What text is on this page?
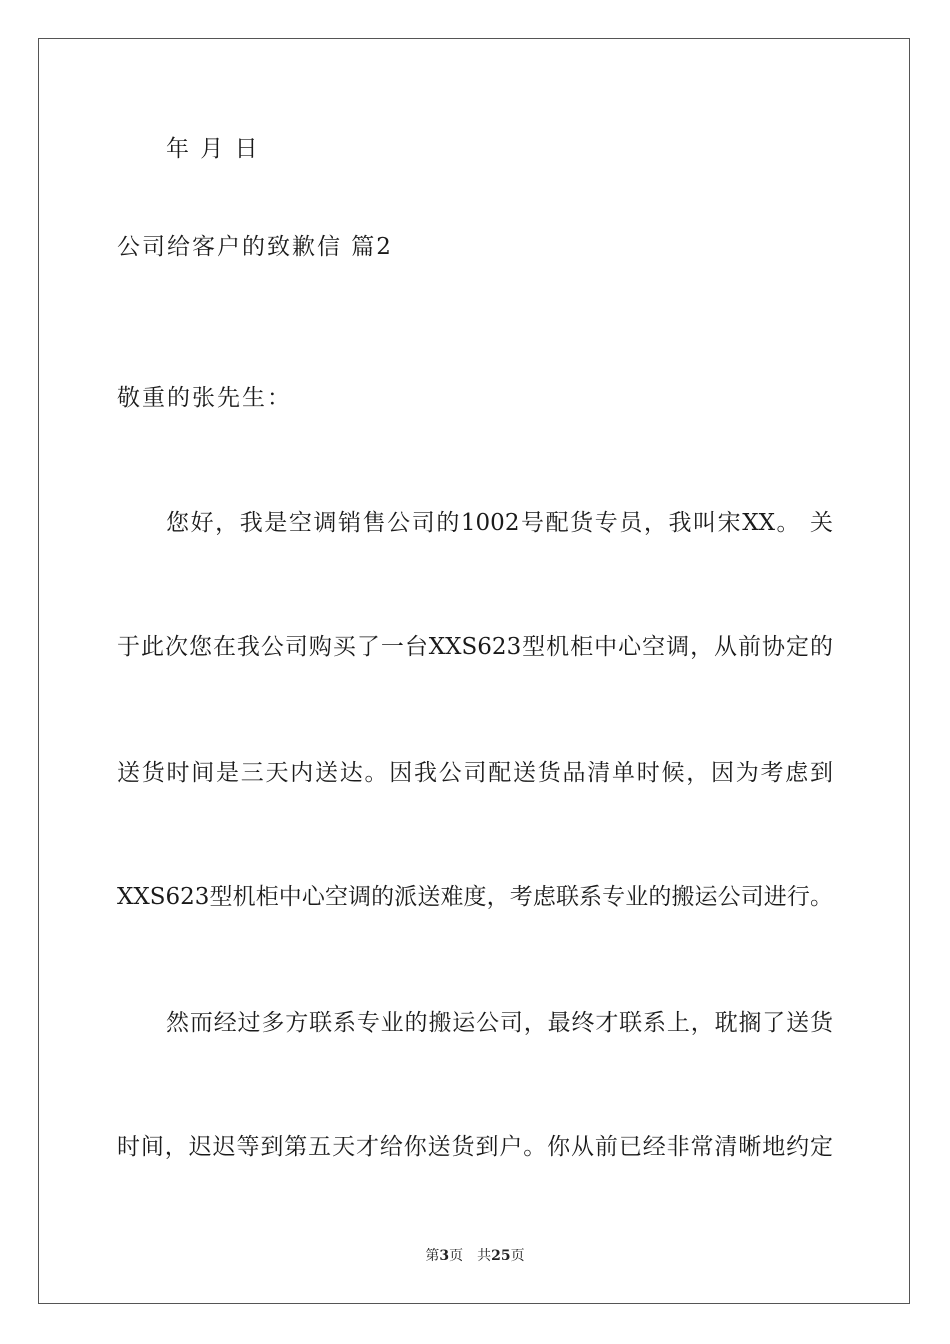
年 月 日
公司给客户的致歉信 篇2
敬重的张先生：
您好，我是空调销售公司的1002号配货专员，我叫宋XX。 关
于此次您在我公司购买了一台XXS623型机柜中心空调，从前协定的
送货时间是三天内送达。因我公司配送货品清单时候，因为考虑到
XXS623型机柜中心空调的派送难度，考虑联系专业的搬运公司进行。
然而经过多方联系专业的搬运公司，最终才联系上，耽搁了送货
时间，迟迟等到第五天才给你送货到户。你从前已经非常清晰地约定
第3页 共25页
